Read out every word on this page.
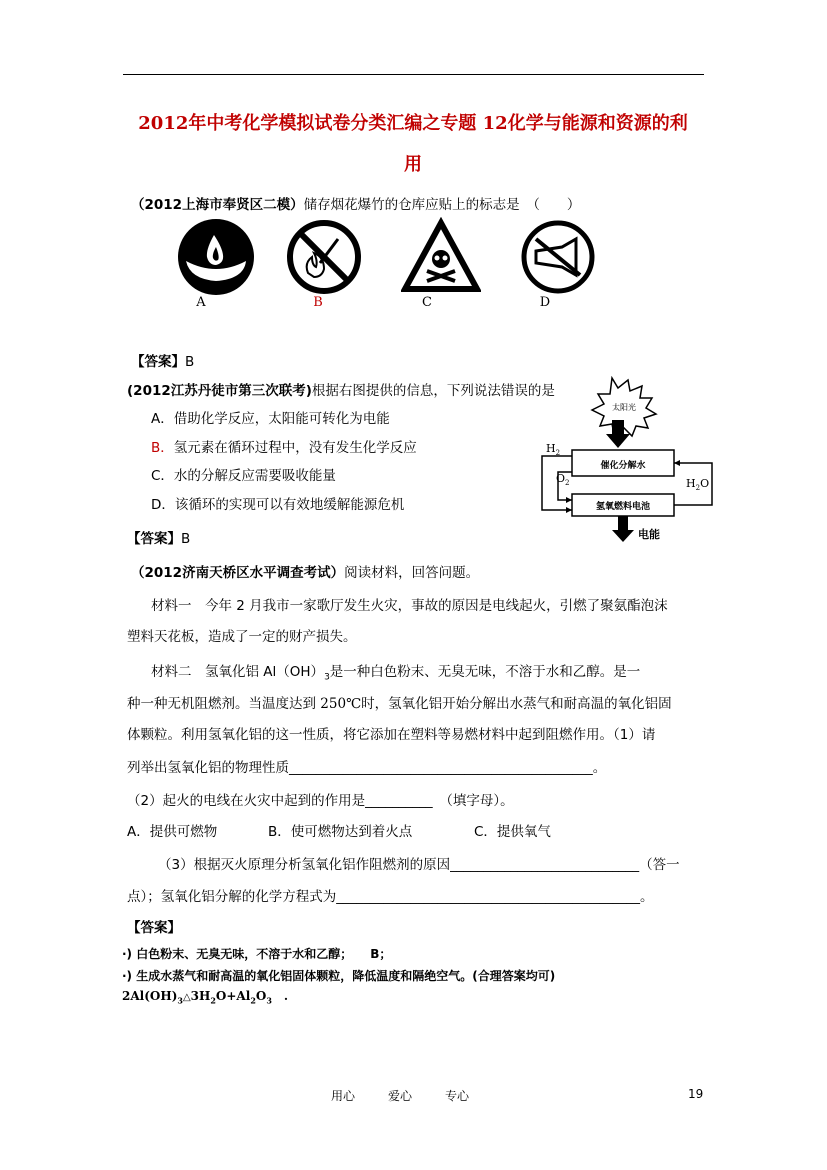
2012年中考化学模拟试卷分类汇编之专题 12化学与能源和资源的利
用
（2012上海市奉贤区二模）储存烟花爆竹的仓库应贴上的标志是　（　　）
A	B	C	D
【答案】B
(2012江苏丹徒市第三次联考)根据右图提供的信息，下列说法错误的是
A．借助化学反应，太阳能可转化为电能
B．氢元素在循环过程中，没有发生化学反应
C．水的分解反应需要吸收能量
D．该循环的实现可以有效地缓解能源危机
【答案】B
太阳光
催化分解水
氢氧燃料电池
$H_2$
$O_2$	$H_2O$
电能
（2012济南天桥区水平调查考试）阅读材料，回答问题。
材料一　今年 2 月我市一家歌厅发生火灾，事故的原因是电线起火，引燃了聚氨酯泡沫
塑料天花板，造成了一定的财产损失。
材料二　氢氧化铝 $Al(OH)_3$是一种白色粉末、无臭无味，不溶于水和乙醇。是一
种一种无机阻燃剂。当温度达到 250℃时，氢氧化铝开始分解出水蒸气和耐高温的氧化铝固
体颗粒。利用氢氧化铝的这一性质，将它添加在塑料等易燃材料中起到阻燃作用。（1）请
列举出氢氧化铝的物理性质_____________________________________________。
（2）起火的电线在火灾中起到的作用是__________　（填字母）。
A．提供可燃物	B．使可燃物达到着火点	C．提供氧气
（3）根据灭火原理分析氢氧化铝作阻燃剂的原因____________________________（答一
点）；氢氧化铝分解的化学方程式为_____________________________________________。
【答案】
·) 白色粉末、无臭无味，不溶于水和乙醇；　　B；
·) 生成水蒸气和耐高温的氧化铝固体颗粒，降低温度和隔绝空气。(合理答案均可)
$2Al(OH)_3\triangle 3H_2O+Al_2O_3$　.
用心	爱心	专心	19
